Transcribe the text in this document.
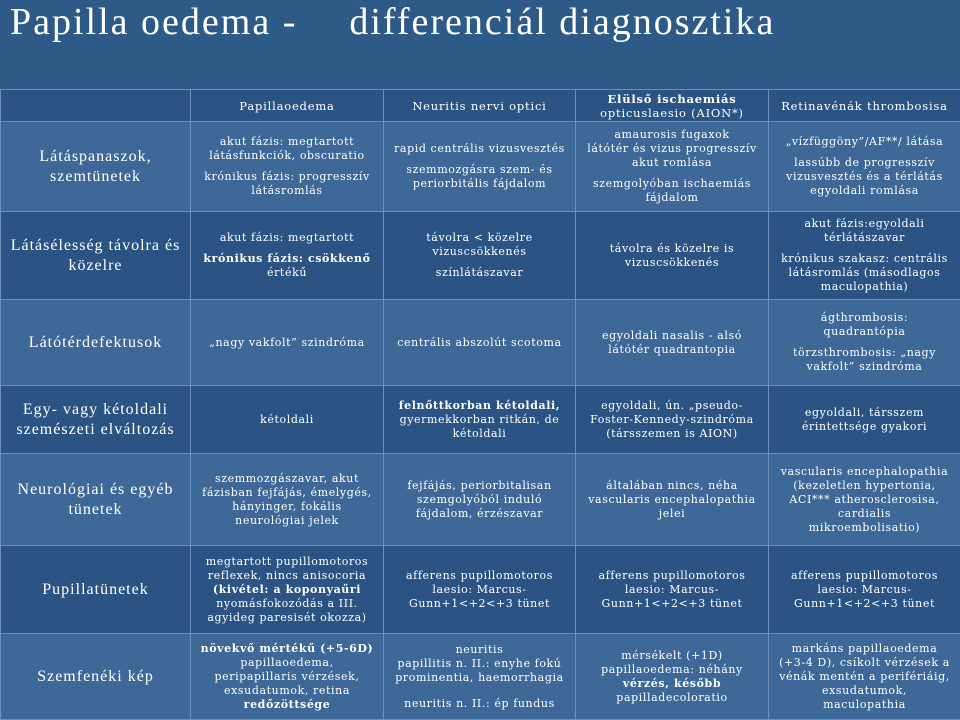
Papilla oedema - differenciál diagnosztika
	Papillaoedema	Neuritis nervi optici	Elülső ischaemiás
opticuslaesio (AION*)	Retinavénák thrombosisa
Látáspanaszok, szemtünetek	akut fázis: megtartott
látásfunkciók, obscuratio
krónikus fázis: progresszív
látásromlás	rapid centrális vizusvesztés
szemmozgásra szem- és
periorbitális fájdalom	amaurosis fugaxok
látótér és vizus progresszív
akut romlása
szemgolyóban ischaemiás
fájdalom	„vízfüggöny”/AF**/ látása
lassúbb de progresszív
vizusvesztés és a térlátás
egyoldali romlása

Látásélesség távolra és közelre	akut fázis: megtartott
krónikus fázis: csökkenő
értékű	távolra < közelre
vizuscsökkenés
színlátászavar	távolra és közelre is
vizuscsökkenés	akut fázis:egyoldali
térlátászavar
krónikus szakasz: centrális
látásromlás (másodlagos
maculopathia)

Látótérdefektusok	„nagy vakfolt” szindróma	centrális abszolút scotoma	egyoldali nasalis - alsó
látótér quadrantopia	ágthrombosis:
quadrantópia
törzsthrombosis: „nagy
vakfolt” szindróma

Egy- vagy kétoldali szemészeti elváltozás	kétoldali	felnőttkorban kétoldali,
gyermekkorban ritkán, de
kétoldali	egyoldali, ún. „pseudo-
Foster-Kennedy-szindróma
(társszemen is AION)	egyoldali, társszem
érintettsége gyakori

Neurológiai és egyéb tünetek	szemmozgászavar, akut
fázisban fejfájás, émelygés,
hányinger, fokális
neurológiai jelek	fejfájás, periorbitalisan
szemgolyóból induló
fájdalom, érzészavar	általában nincs, néha
vascularis encephalopathia
jelei	vascularis encephalopathia
(kezeletlen hypertonia,
ACI*** atherosclerosisa,
cardialis
mikroembolisatio)

Pupillatünetek	megtartott pupillomotoros
reflexek, nincs anisocoria
(kivétel: a koponyaűri
nyomásfokozódás a III.
agyideg paresisét okozza)	afferens pupillomotoros
laesio: Marcus-
Gunn+1<+2<+3 tünet	afferens pupillomotoros
laesio: Marcus-
Gunn+1<+2<+3 tünet	afferens pupillomotoros
laesio: Marcus-
Gunn+1<+2<+3 tünet

Szemfenéki kép	növekvő mértékű (+5-6D)
papillaoedema,
peripapillaris vérzések,
exsudatumok, retina
redőzöttsége	neuritis
papillitis n. II.: enyhe fokú
prominentia, haemorrhagia
neuritis n. II.: ép fundus	mérsékelt (+1D)
papillaoedema: néhány
vérzés, később
papilladecoloratio	markáns papillaoedema
(+3-4 D), csíkolt vérzések a
vénák mentén a perifériáig,
exsudatumok,
maculopathia
